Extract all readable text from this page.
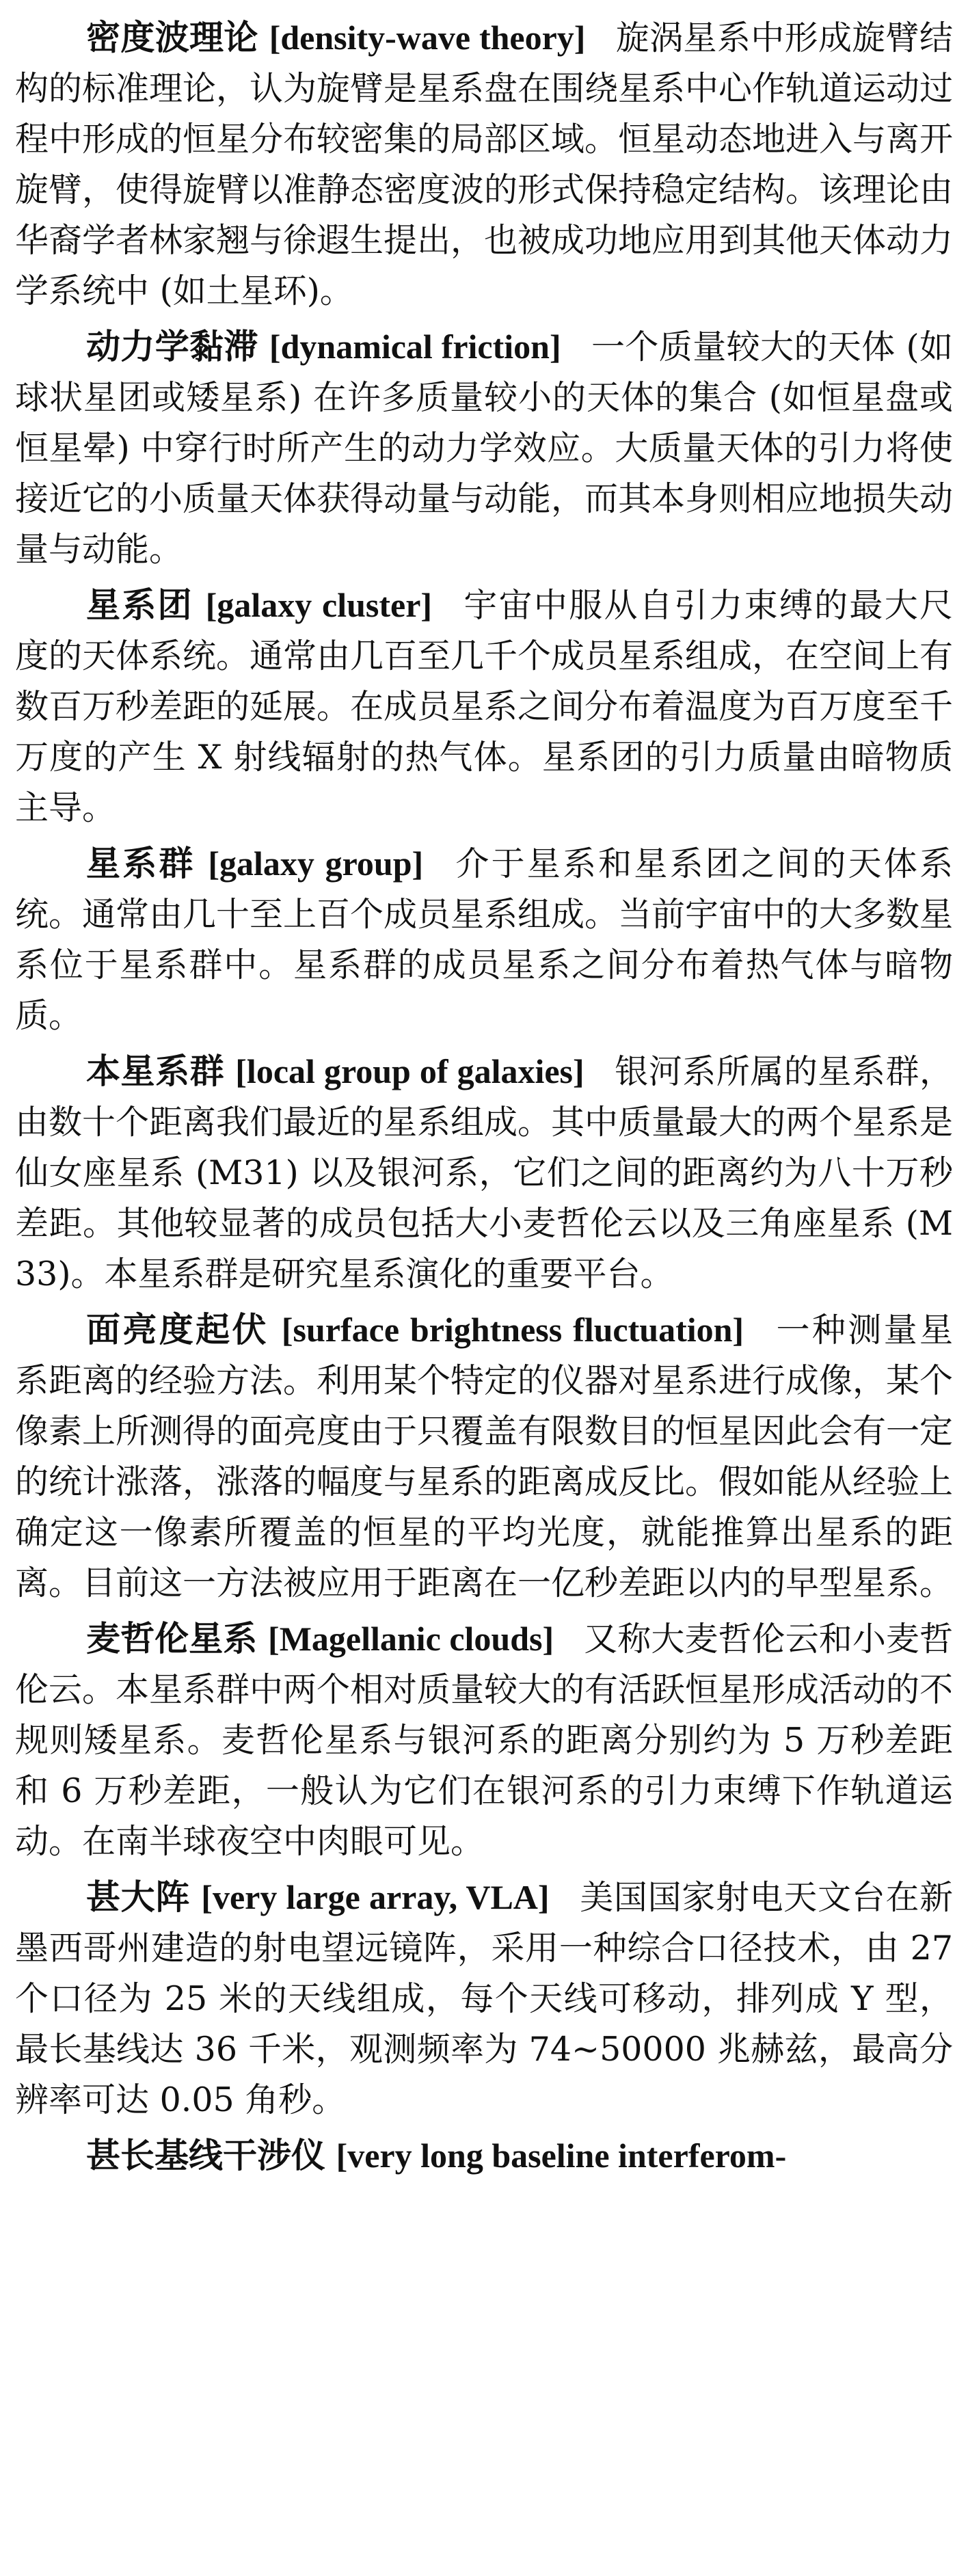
密度波理论 [density-wave theory] 旋涡星系中形成旋臂结构的标准理论，认为旋臂是星系盘在围绕星系中心作轨道运动过程中形成的恒星分布较密集的局部区域。恒星动态地进入与离开旋臂，使得旋臂以准静态密度波的形式保持稳定结构。该理论由华裔学者林家翘与徐遐生提出，也被成功地应用到其他天体动力学系统中 (如土星环)。

动力学黏滞 [dynamical friction] 一个质量较大的天体 (如球状星团或矮星系) 在许多质量较小的天体的集合 (如恒星盘或恒星晕) 中穿行时所产生的动力学效应。大质量天体的引力将使接近它的小质量天体获得动量与动能，而其本身则相应地损失动量与动能。

星系团 [galaxy cluster] 宇宙中服从自引力束缚的最大尺度的天体系统。通常由几百至几千个成员星系组成，在空间上有数百万秒差距的延展。在成员星系之间分布着温度为百万度至千万度的产生 X 射线辐射的热气体。星系团的引力质量由暗物质主导。

星系群 [galaxy group] 介于星系和星系团之间的天体系统。通常由几十至上百个成员星系组成。当前宇宙中的大多数星系位于星系群中。星系群的成员星系之间分布着热气体与暗物质。

本星系群 [local group of galaxies] 银河系所属的星系群，由数十个距离我们最近的星系组成。其中质量最大的两个星系是仙女座星系 (M31) 以及银河系，它们之间的距离约为八十万秒差距。其他较显著的成员包括大小麦哲伦云以及三角座星系 (M33)。本星系群是研究星系演化的重要平台。

面亮度起伏 [surface brightness fluctuation] 一种测量星系距离的经验方法。利用某个特定的仪器对星系进行成像，某个像素上所测得的面亮度由于只覆盖有限数目的恒星因此会有一定的统计涨落，涨落的幅度与星系的距离成反比。假如能从经验上确定这一像素所覆盖的恒星的平均光度，就能推算出星系的距离。目前这一方法被应用于距离在一亿秒差距以内的早型星系。

麦哲伦星系 [Magellanic clouds] 又称大麦哲伦云和小麦哲伦云。本星系群中两个相对质量较大的有活跃恒星形成活动的不规则矮星系。麦哲伦星系与银河系的距离分别约为 5 万秒差距和 6 万秒差距，一般认为它们在银河系的引力束缚下作轨道运动。在南半球夜空中肉眼可见。

甚大阵 [very large array, VLA] 美国国家射电天文台在新墨西哥州建造的射电望远镜阵，采用一种综合口径技术，由 27 个口径为 25 米的天线组成，每个天线可移动，排列成 Y 型，最长基线达 36 千米，观测频率为 74∼50000 兆赫兹，最高分辨率可达 0.05 角秒。

甚长基线干涉仪 [very long baseline interferom-
